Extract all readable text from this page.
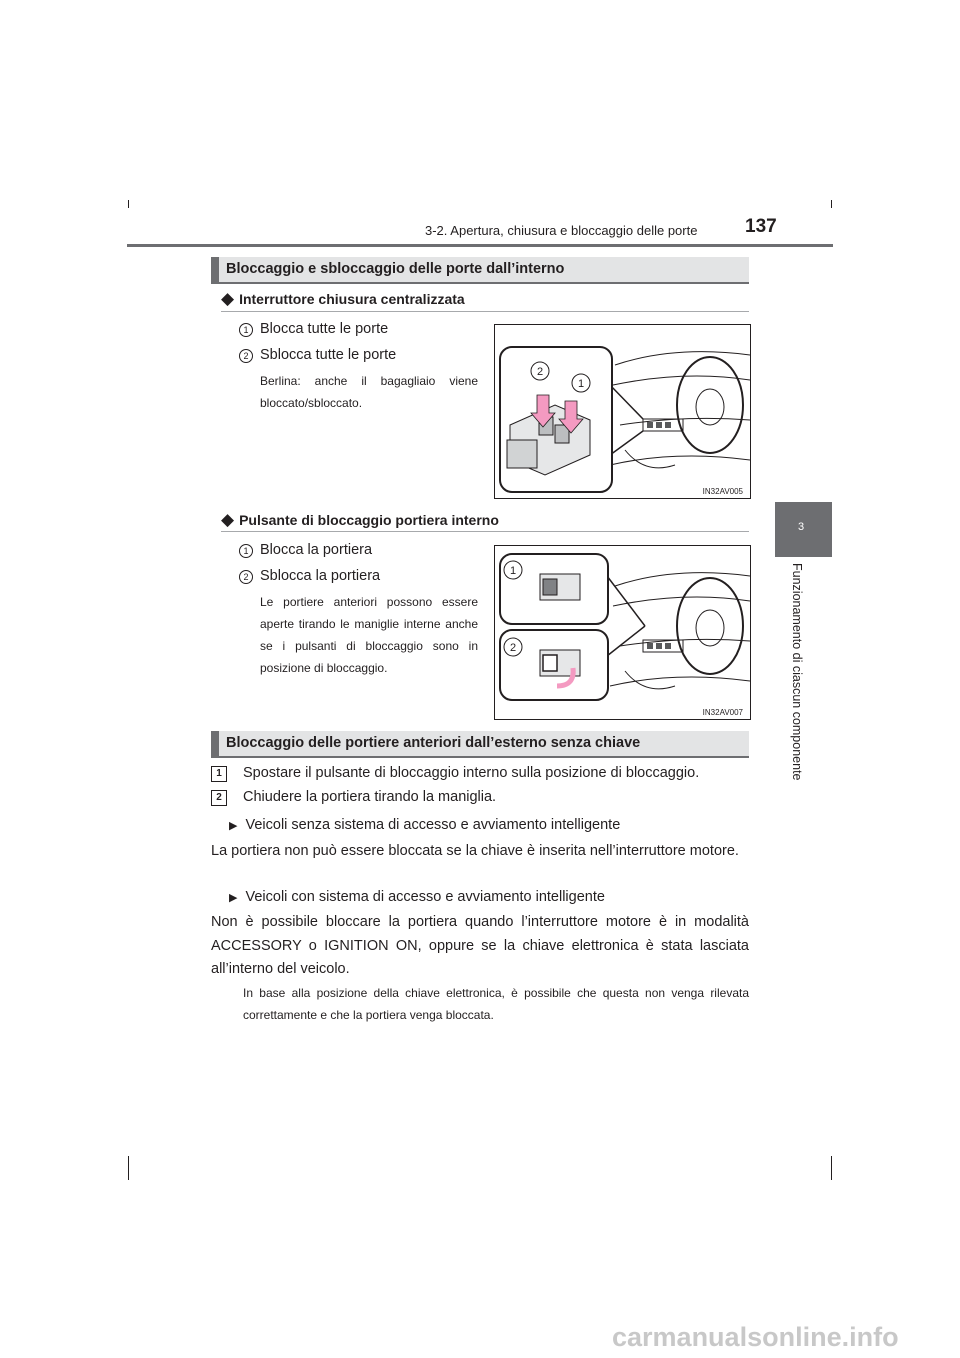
3-2. Apertura, chiusura e bloccaggio delle porte	137
3
Funzionamento di ciascun componente
Bloccaggio e sbloccaggio delle porte dall’interno
◆ Interruttore chiusura centralizzata
1 Blocca tutte le porte
2 Sblocca tutte le porte
Berlina: anche il bagagliaio viene bloccato/sbloccato.
2
1
IN32AV005
◆ Pulsante di bloccaggio portiera interno
1 Blocca la portiera
2 Sblocca la portiera
Le portiere anteriori possono essere aperte tirando le maniglie interne anche se i pulsanti di bloccaggio sono in posizione di bloccaggio.
1
2
IN32AV007
Bloccaggio delle portiere anteriori dall’esterno senza chiave
1	Spostare il pulsante di bloccaggio interno sulla posizione di bloccaggio.
2	Chiudere la portiera tirando la maniglia.
▶ Veicoli senza sistema di accesso e avviamento intelligente
La portiera non può essere bloccata se la chiave è inserita nell’interruttore motore.
▶ Veicoli con sistema di accesso e avviamento intelligente
Non è possibile bloccare la portiera quando l’interruttore motore è in modalità ACCESSORY o IGNITION ON, oppure se la chiave elettronica è stata lasciata all’interno del veicolo.
In base alla posizione della chiave elettronica, è possibile che questa non venga rilevata correttamente e che la portiera venga bloccata.
carmanualsonline.info
